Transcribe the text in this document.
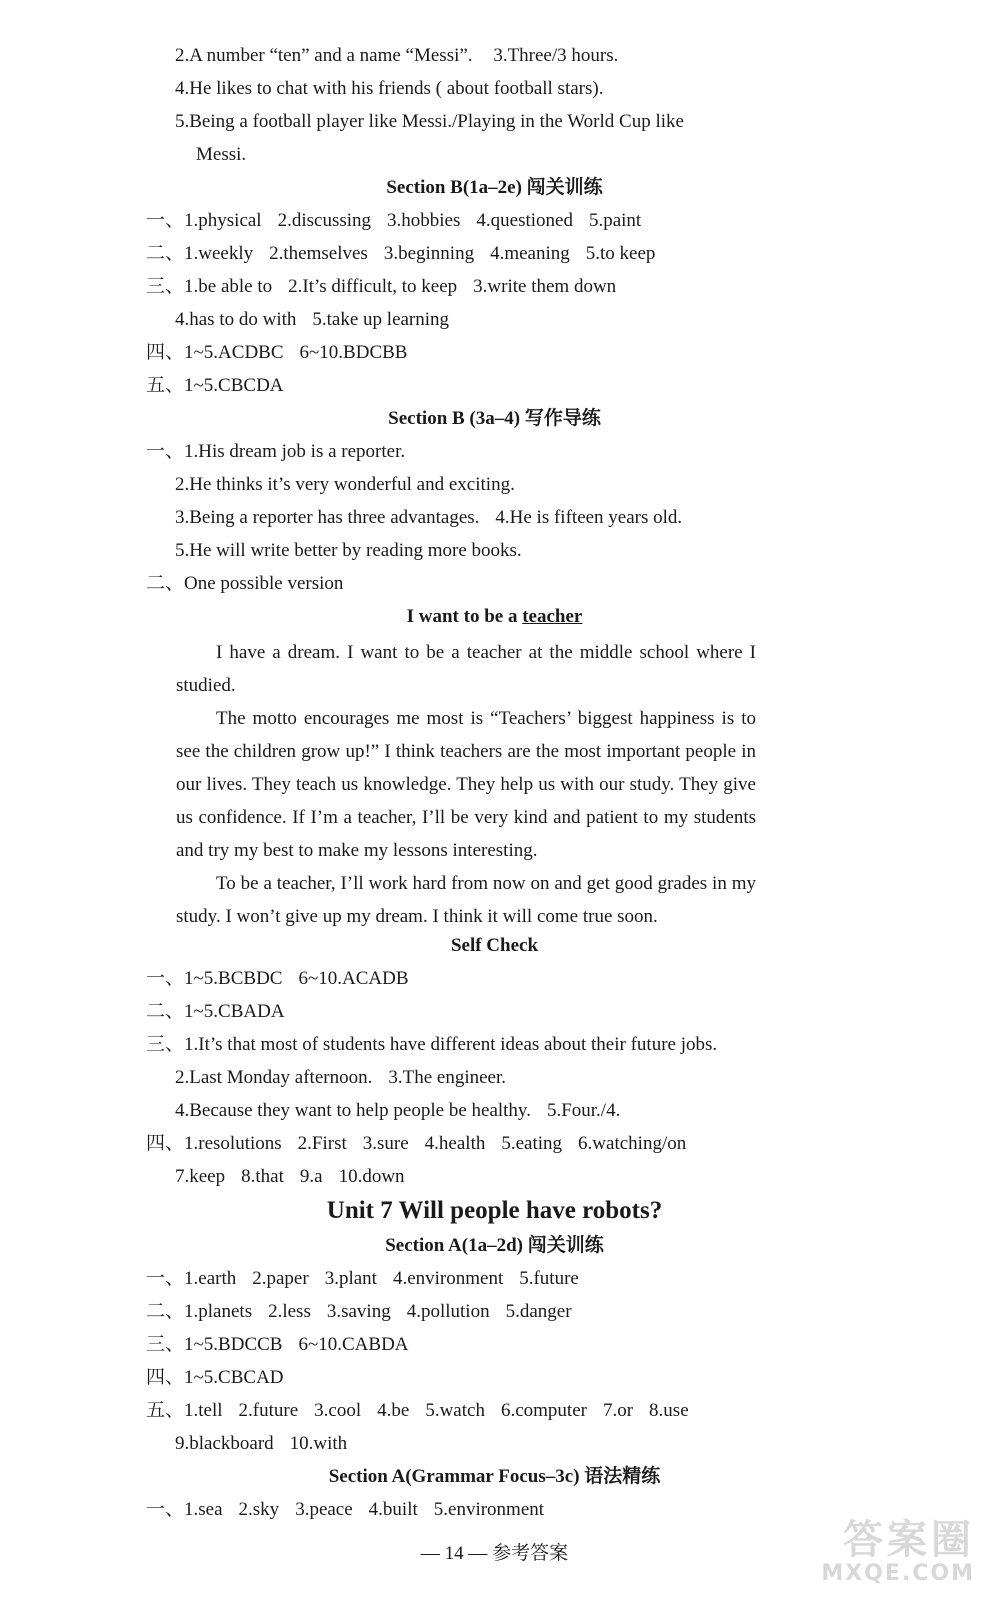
2.A number “ten” and a name “Messi”. 3.Three/3 hours.
4.He likes to chat with his friends ( about football stars).
5.Being a football player like Messi./Playing in the World Cup like
Messi.
Section B(1a–2e) 闯关训练
一、1.physical 2.discussing 3.hobbies 4.questioned 5.paint
二、1.weekly 2.themselves 3.beginning 4.meaning 5.to keep
三、1.be able to 2.It’s difficult, to keep 3.write them down
4.has to do with 5.take up learning
四、1~5.ACDBC 6~10.BDCBB
五、1~5.CBCDA
Section B (3a–4) 写作导练
一、1.His dream job is a reporter.
2.He thinks it’s very wonderful and exciting.
3.Being a reporter has three advantages. 4.He is fifteen years old.
5.He will write better by reading more books.
二、One possible version
I want to be a teacher
I have a dream. I want to be a teacher at the middle school where I studied.
The motto encourages me most is “Teachers’ biggest happiness is to see the children grow up!” I think teachers are the most important people in our lives. They teach us knowledge. They help us with our study. They give us confidence. If I’m a teacher, I’ll be very kind and patient to my students and try my best to make my lessons interesting.
To be a teacher, I’ll work hard from now on and get good grades in my study. I won’t give up my dream. I think it will come true soon.
Self Check
一、1~5.BCBDC 6~10.ACADB
二、1~5.CBADA
三、1.It’s that most of students have different ideas about their future jobs.
2.Last Monday afternoon. 3.The engineer.
4.Because they want to help people be healthy. 5.Four./4.
四、1.resolutions 2.First 3.sure 4.health 5.eating 6.watching/on
7.keep 8.that 9.a 10.down
Unit 7 Will people have robots?
Section A(1a–2d) 闯关训练
一、1.earth 2.paper 3.plant 4.environment 5.future
二、1.planets 2.less 3.saving 4.pollution 5.danger
三、1~5.BDCCB 6~10.CABDA
四、1~5.CBCAD
五、1.tell 2.future 3.cool 4.be 5.watch 6.computer 7.or 8.use
9.blackboard 10.with
Section A(Grammar Focus–3c) 语法精练
一、1.sea 2.sky 3.peace 4.built 5.environment
— 14 — 参考答案	答案圈
MXQE.COM
